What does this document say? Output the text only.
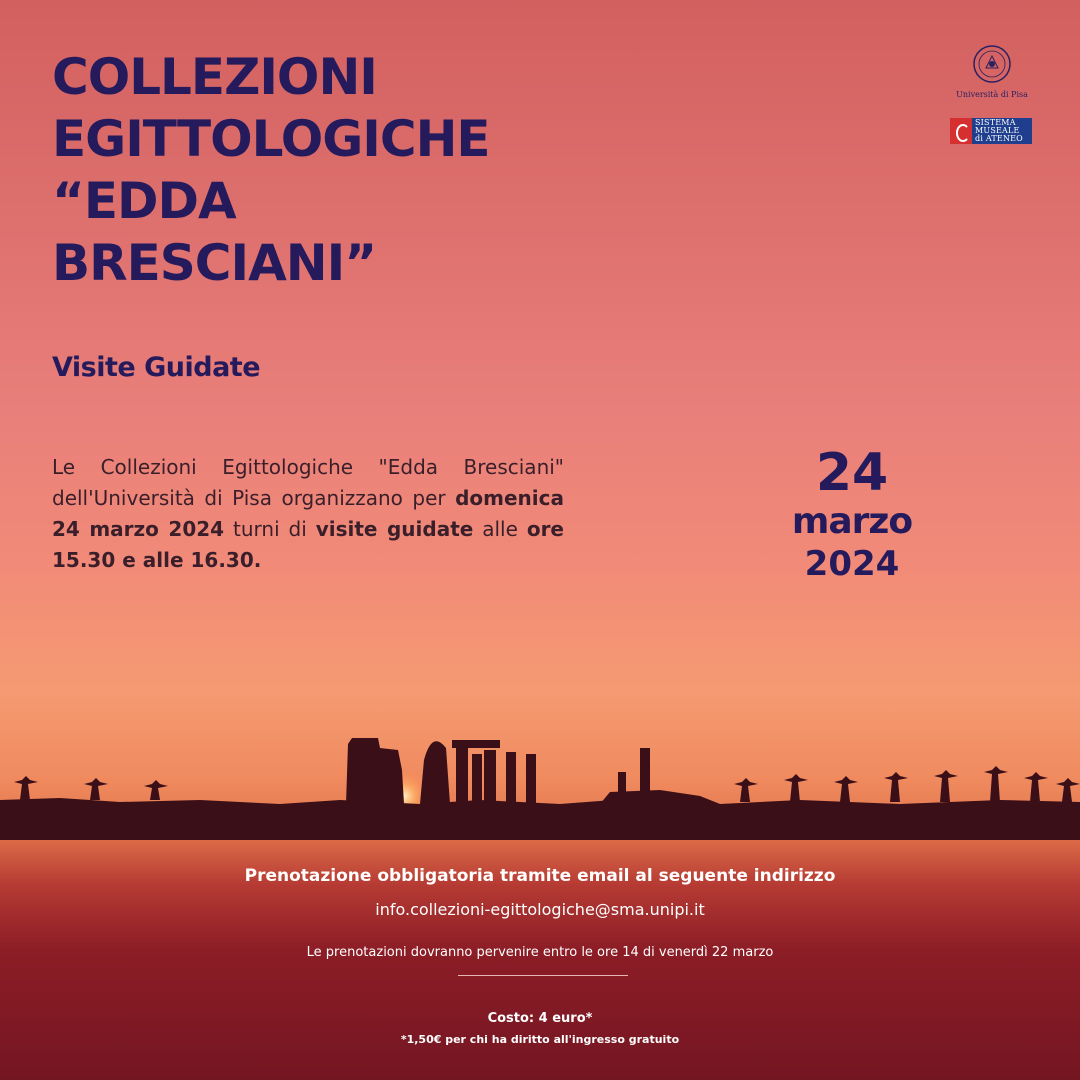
COLLEZIONI
EGITTOLOGICHE
“EDDA
BRESCIANI”
Università di Pisa
SISTEMA
MUSEALE
di ATENEO
Visite Guidate

Le Collezioni Egittologiche "Edda Bresciani" dell'Università di Pisa organizzano per domenica 24 marzo 2024 turni di visite guidate alle ore 15.30 e alle 16.30.

24
marzo
2024
Prenotazione obbligatoria tramite email al seguente indirizzo
info.collezioni-egittologiche@sma.unipi.it
Le prenotazioni dovranno pervenire entro le ore 14 di venerdì 22 marzo
Costo: 4 euro*
*1,50€ per chi ha diritto all'ingresso gratuito
